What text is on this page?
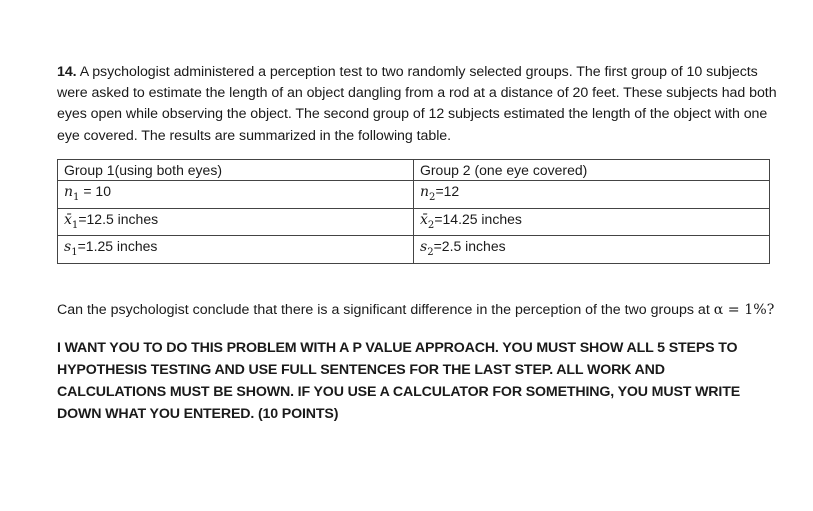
14. A psychologist administered a perception test to two randomly selected groups. The first group of 10 subjects were asked to estimate the length of an object dangling from a rod at a distance of 20 feet. These subjects had both eyes open while observing the object. The second group of 12 subjects estimated the length of the object with one eye covered. The results are summarized in the following table.

Group 1(using both eyes)	Group 2 (one eye covered)
$n_1 = 10$	$n_2=12$
$x̄_1=12.5$ inches	$x̄_2=14.25$ inches
$s_1=1.25$ inches	$s_2=2.5$ inches

Can the psychologist conclude that there is a significant difference in the perception of the two groups at α = 1%?

I WANT YOU TO DO THIS PROBLEM WITH A P VALUE APPROACH. YOU MUST SHOW ALL 5 STEPS TO HYPOTHESIS TESTING AND USE FULL SENTENCES FOR THE LAST STEP. ALL WORK AND CALCULATIONS MUST BE SHOWN. IF YOU USE A CALCULATOR FOR SOMETHING, YOU MUST WRITE DOWN WHAT YOU ENTERED. (10 POINTS)
